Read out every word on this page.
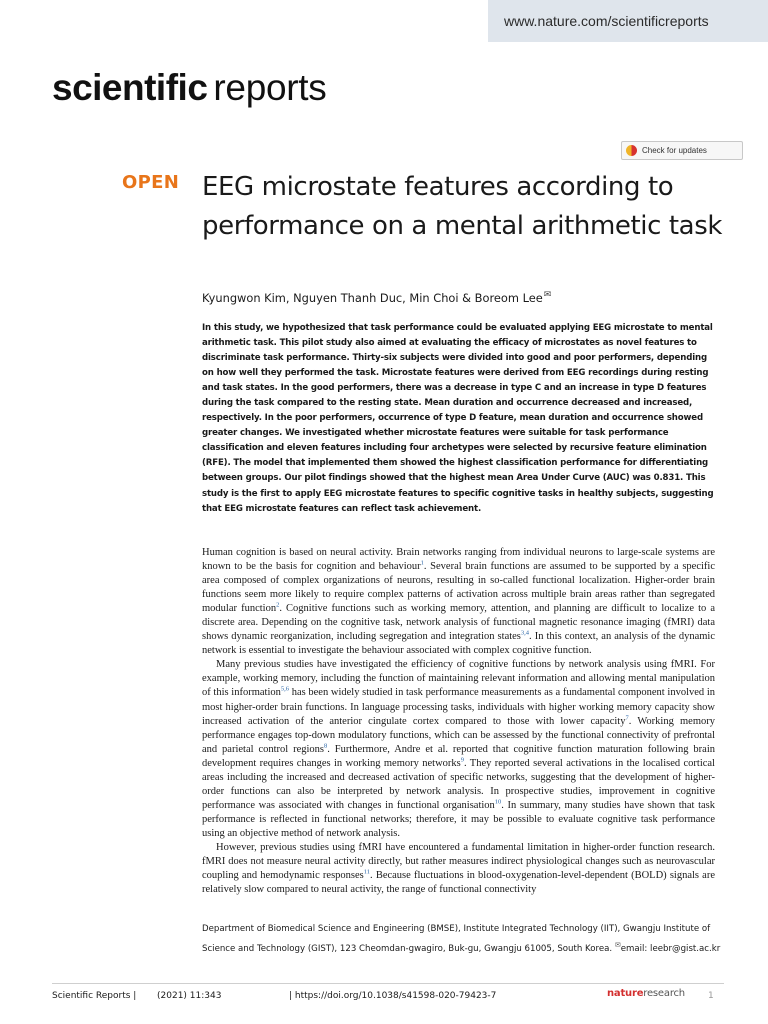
www.nature.com/scientificreports
scientific reports
Check for updates
OPEN EEG microstate features according to performance on a mental arithmetic task
Kyungwon Kim, Nguyen Thanh Duc, Min Choi & Boreom Lee✉

In this study, we hypothesized that task performance could be evaluated applying EEG microstate to mental arithmetic task. This pilot study also aimed at evaluating the efficacy of microstates as novel features to discriminate task performance. Thirty-six subjects were divided into good and poor performers, depending on how well they performed the task. Microstate features were derived from EEG recordings during resting and task states. In the good performers, there was a decrease in type C and an increase in type D features during the task compared to the resting state. Mean duration and occurrence decreased and increased, respectively. In the poor performers, occurrence of type D feature, mean duration and occurrence showed greater changes. We investigated whether microstate features were suitable for task performance classification and eleven features including four archetypes were selected by recursive feature elimination (RFE). The model that implemented them showed the highest classification performance for differentiating between groups. Our pilot findings showed that the highest mean Area Under Curve (AUC) was 0.831. This study is the first to apply EEG microstate features to specific cognitive tasks in healthy subjects, suggesting that EEG microstate features can reflect task achievement.

Human cognition is based on neural activity. Brain networks ranging from individual neurons to large-scale systems are known to be the basis for cognition and behaviour$^1$. Several brain functions are assumed to be supported by a specific area composed of complex organizations of neurons, resulting in so-called functional localization. Higher-order brain functions seem more likely to require complex patterns of activation across multiple brain areas rather than segregated modular function$^2$. Cognitive functions such as working memory, attention, and planning are difficult to localize to a discrete area. Depending on the cognitive task, network analysis of functional magnetic resonance imaging (fMRI) data shows dynamic reorganization, including segregation and integration states$^{3,4}$. In this context, an analysis of the dynamic network is essential to investigate the behaviour associated with complex cognitive function.

Many previous studies have investigated the efficiency of cognitive functions by network analysis using fMRI. For example, working memory, including the function of maintaining relevant information and allowing mental manipulation of this information$^{5,6}$ has been widely studied in task performance measurements as a fundamental component involved in most higher-order brain functions. In language processing tasks, individuals with higher working memory capacity show increased activation of the anterior cingulate cortex compared to those with lower capacity$^7$. Working memory performance engages top-down modulatory functions, which can be assessed by the functional connectivity of prefrontal and parietal control regions$^8$. Furthermore, Andre et al. reported that cognitive function maturation following brain development requires changes in working memory networks$^9$. They reported several activations in the localised cortical areas including the increased and decreased activation of specific networks, suggesting that the development of higher-order functions can also be interpreted by network analysis. In prospective studies, improvement in cognitive performance was associated with changes in functional organisation$^{10}$. In summary, many studies have shown that task performance is reflected in functional networks; therefore, it may be possible to evaluate cognitive task performance using an objective method of network analysis.

However, previous studies using fMRI have encountered a fundamental limitation in higher-order function research. fMRI does not measure neural activity directly, but rather measures indirect physiological changes such as neurovascular coupling and hemodynamic responses$^{11}$. Because fluctuations in blood-oxygenation-level-dependent (BOLD) signals are relatively slow compared to neural activity, the range of functional connectivity

Department of Biomedical Science and Engineering (BMSE), Institute Integrated Technology (IIT), Gwangju Institute of Science and Technology (GIST), 123 Cheomdan-gwagiro, Buk-gu, Gwangju 61005, South Korea. ✉email: leebr@gist.ac.kr

Scientific Reports | (2021) 11:343	| https://doi.org/10.1038/s41598-020-79423-7	natureresearch	1
